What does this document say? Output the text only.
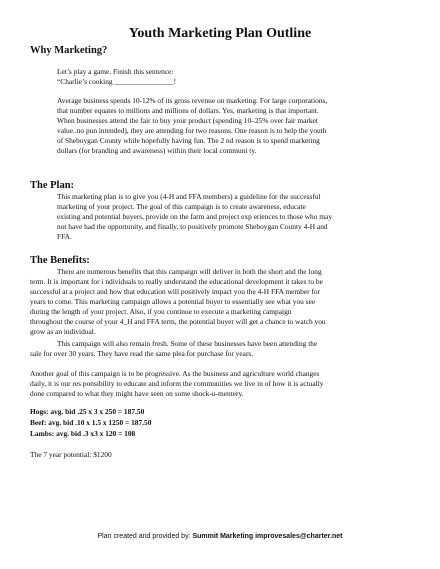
Youth Marketing Plan Outline
Why Marketing?

Let’s play a game. Finish this sentence:
“Charlie’s cooking ________________!

Average business spends 10-12% of its gross revenue on marketing. For large corporations,
that number equates to millions and millions of dollars. Yes, marketing is that important.
When businesses attend the fair to buy your product (spending 10–25% over fair market
value..no pun intended), they are attending for two reasons. One reason is to help the youth
of Sheboygan County while hopefully having fun. The 2 nd reason is to spend marketing
dollars (for branding and awareness) within their local communi ty.

The Plan:

This marketing plan is to give you (4-H and FFA members) a guideline for the successful
marketing of your project. The goal of this campaign is to create awareness, educate
existing and potential buyers, provide on the farm and project exp eriences to those who may
not have had the opportunity, and finally, to positively promote Sheboygan County 4-H and
FFA.

The Benefits:

There are numerous benefits that this campaign will deliver in both the short and the long
term. It is important for i ndividuals to really understand the educational development it takes to be
successful at a project and how that education will positively impact you the 4-H FFA member for
years to come. This marketing campaign allows a potential buyer to essentially see what you see
during the length of your project. Also, if you continue to execute a marketing campaign
throughout the course of your 4_H and FFA term, the potential buyer will get a chance to watch you
grow as an individual.

This campaign will also remain fresh. Some of these businesses have been attending the
sale for over 30 years. They have read the same plea for purchase for years.

Another goal of this campaign is to be progressive. As the business and agriculture world changes
daily, it is our res ponsibility to educate and inform the communities we live in of how it is actually
done compared to what they might have seen on some shock-u-mentery.

Hogs: avg. bid .25 x 3 x 250 = 187.50
Beef: avg. bid .10 x 1.5 x 1250 = 187.50
Lambs: avg. bid .3 x3 x 120 = 108

The 7 year potential: $1200

Plan created and provided by: Summit Marketing improvesales@charter.net
